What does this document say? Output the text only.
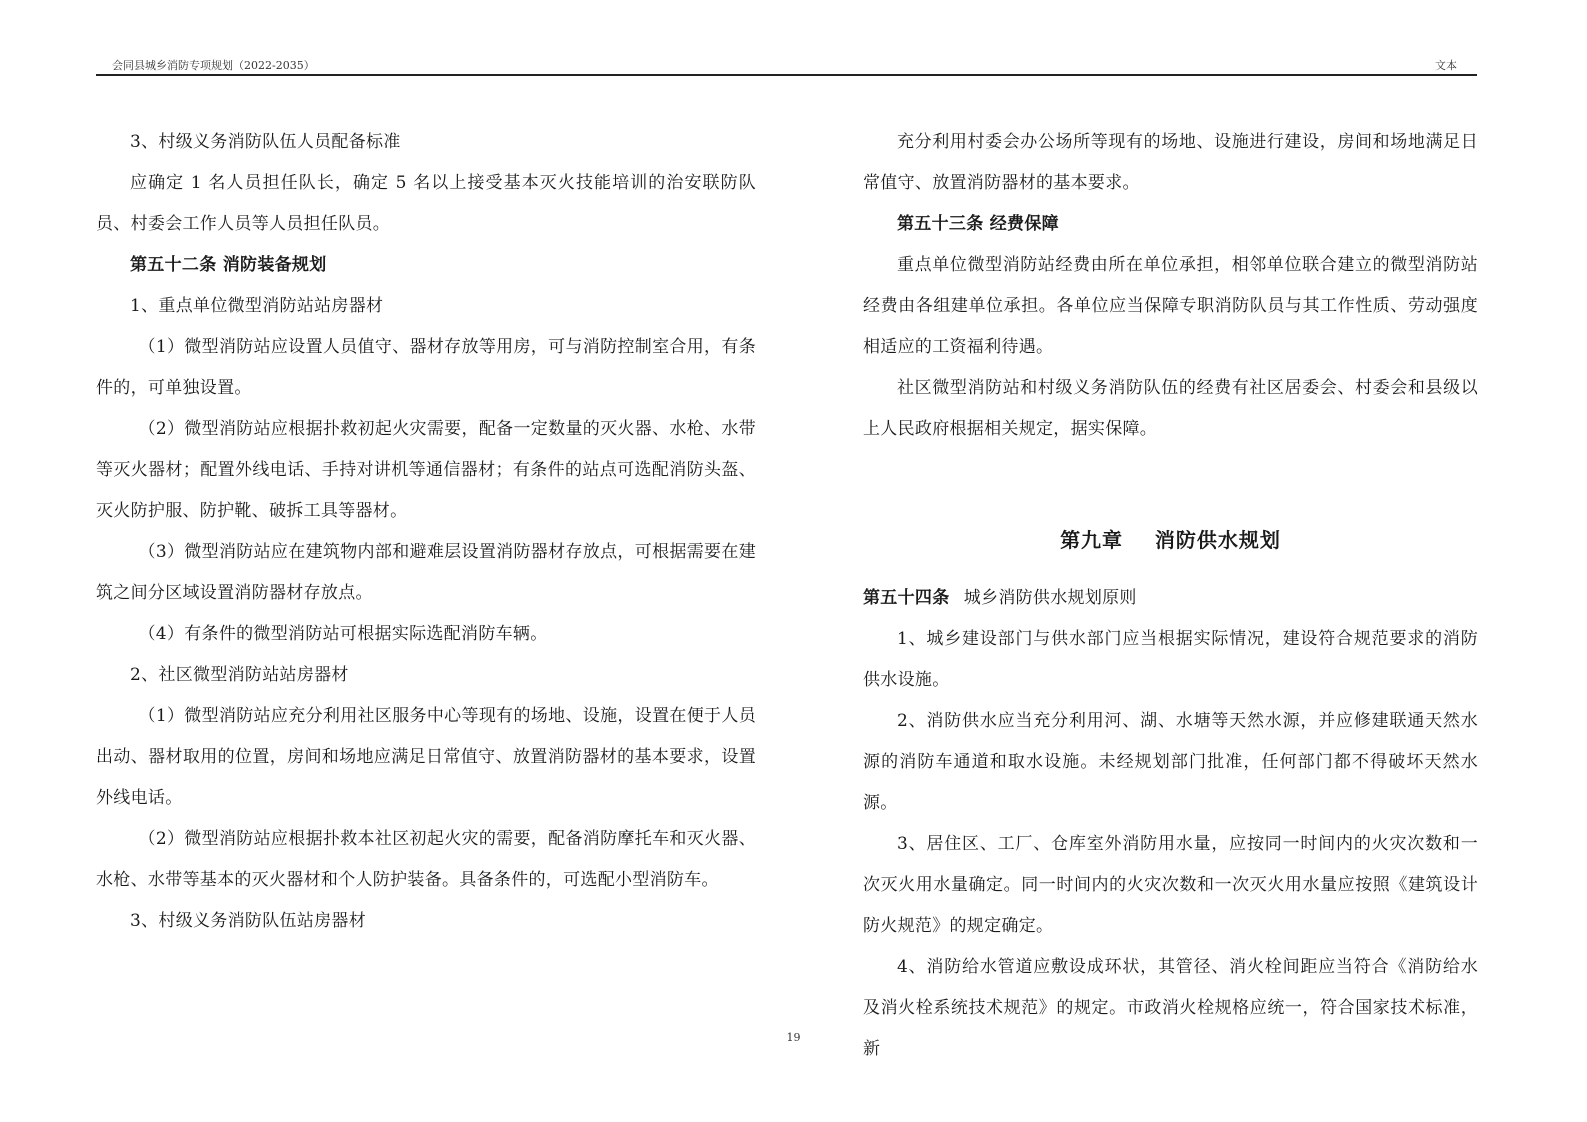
会同县城乡消防专项规划（2022-2035）	文本

3、村级义务消防队伍人员配备标准

应确定 1 名人员担任队长，确定 5 名以上接受基本灭火技能培训的治安联防队员、村委会工作人员等人员担任队员。

第五十二条 消防装备规划

1、重点单位微型消防站站房器材

（1）微型消防站应设置人员值守、器材存放等用房，可与消防控制室合用，有条件的，可单独设置。

（2）微型消防站应根据扑救初起火灾需要，配备一定数量的灭火器、水枪、水带等灭火器材；配置外线电话、手持对讲机等通信器材；有条件的站点可选配消防头盔、灭火防护服、防护靴、破拆工具等器材。

（3）微型消防站应在建筑物内部和避难层设置消防器材存放点，可根据需要在建筑之间分区域设置消防器材存放点。

（4）有条件的微型消防站可根据实际选配消防车辆。

2、社区微型消防站站房器材

（1）微型消防站应充分利用社区服务中心等现有的场地、设施，设置在便于人员出动、器材取用的位置，房间和场地应满足日常值守、放置消防器材的基本要求，设置外线电话。

（2）微型消防站应根据扑救本社区初起火灾的需要，配备消防摩托车和灭火器、水枪、水带等基本的灭火器材和个人防护装备。具备条件的，可选配小型消防车。

3、村级义务消防队伍站房器材

充分利用村委会办公场所等现有的场地、设施进行建设，房间和场地满足日常值守、放置消防器材的基本要求。

第五十三条 经费保障

重点单位微型消防站经费由所在单位承担，相邻单位联合建立的微型消防站经费由各组建单位承担。各单位应当保障专职消防队员与其工作性质、劳动强度相适应的工资福利待遇。

社区微型消防站和村级义务消防队伍的经费有社区居委会、村委会和县级以上人民政府根据相关规定，据实保障。

第九章    消防供水规划

第五十四条 城乡消防供水规划原则

1、城乡建设部门与供水部门应当根据实际情况，建设符合规范要求的消防供水设施。

2、消防供水应当充分利用河、湖、水塘等天然水源，并应修建联通天然水源的消防车通道和取水设施。未经规划部门批准，任何部门都不得破坏天然水源。

3、居住区、工厂、仓库室外消防用水量，应按同一时间内的火灾次数和一次灭火用水量确定。同一时间内的火灾次数和一次灭火用水量应按照《建筑设计防火规范》的规定确定。

4、消防给水管道应敷设成环状，其管径、消火栓间距应当符合《消防给水及消火栓系统技术规范》的规定。市政消火栓规格应统一，符合国家技术标准，新

19
